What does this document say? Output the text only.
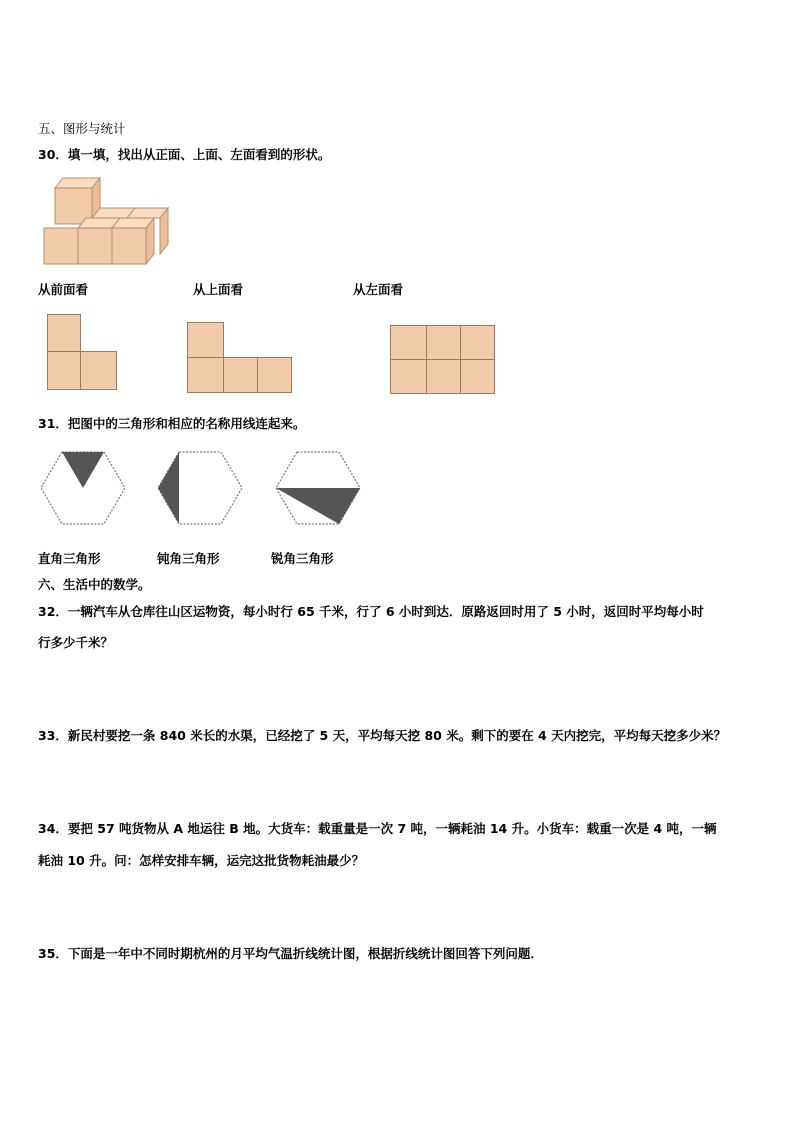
五、图形与统计
30．填一填，找出从正面、上面、左面看到的形状。
从前面看	从上面看	从左面看
31．把图中的三角形和相应的名称用线连起来。
直角三角形	钝角三角形	锐角三角形
六、生活中的数学。
32．一辆汽车从仓库往山区运物资，每小时行 65 千米，行了 6 小时到达．原路返回时用了 5 小时，返回时平均每小时
行多少千米？
33．新民村要挖一条 840 米长的水渠，已经挖了 5 天，平均每天挖 80 米。剩下的要在 4 天内挖完，平均每天挖多少米？
34．要把 57 吨货物从 A 地运往 B 地。大货车：载重量是一次 7 吨，一辆耗油 14 升。小货车：载重一次是 4 吨，一辆
耗油 10 升。问：怎样安排车辆，运完这批货物耗油最少？
35．下面是一年中不同时期杭州的月平均气温折线统计图，根据折线统计图回答下列问题．
